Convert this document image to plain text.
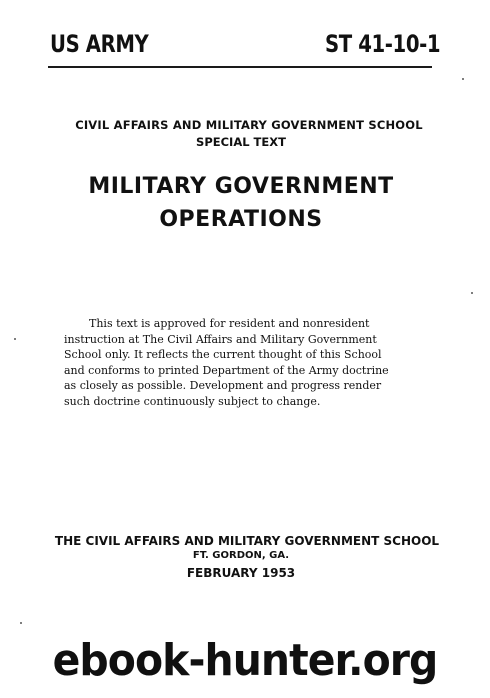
US ARMY	ST 41-10-1
CIVIL AFFAIRS AND MILITARY GOVERNMENT SCHOOL
SPECIAL TEXT
MILITARY GOVERNMENT
OPERATIONS
This text is approved for resident and nonresident
instruction at The Civil Affairs and Military Government
School only. It reflects the current thought of this School
and conforms to printed Department of the Army doctrine
as closely as possible. Development and progress render
such doctrine continuously subject to change.
THE CIVIL AFFAIRS AND MILITARY GOVERNMENT SCHOOL
FT. GORDON, GA.
FEBRUARY 1953
ebook-hunter.org
